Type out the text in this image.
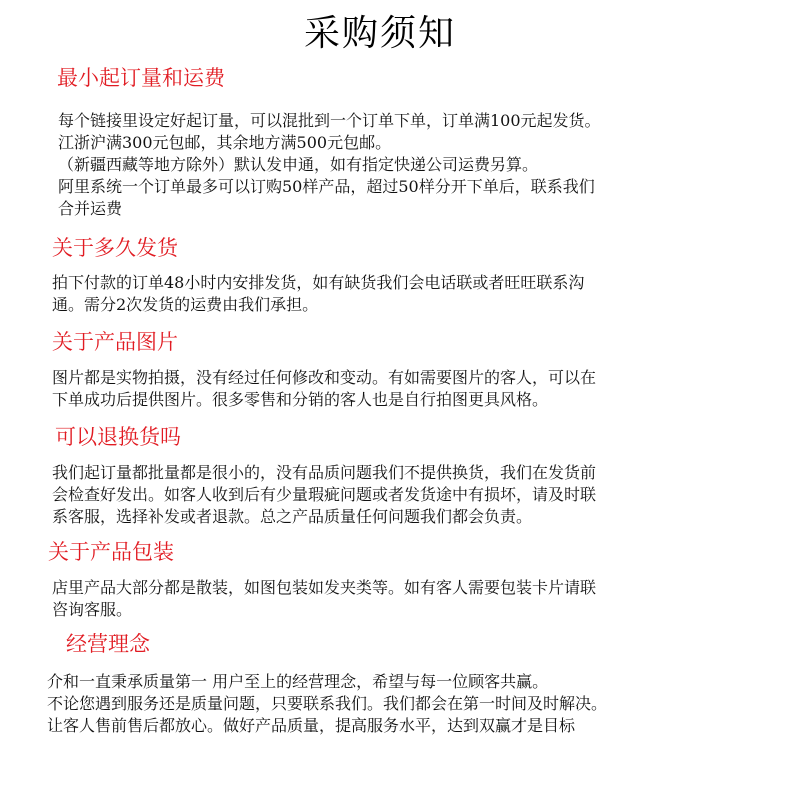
采购须知
最小起订量和运费
每个链接里设定好起订量，可以混批到一个订单下单，订单满100元起发货。
江浙沪满300元包邮，其余地方满500元包邮。
（新疆西藏等地方除外）默认发申通，如有指定快递公司运费另算。
阿里系统一个订单最多可以订购50样产品，超过50样分开下单后，联系我们
合并运费
关于多久发货
拍下付款的订单48小时内安排发货，如有缺货我们会电话联或者旺旺联系沟
通。需分2次发货的运费由我们承担。
关于产品图片
图片都是实物拍摄，没有经过任何修改和变动。有如需要图片的客人，可以在
下单成功后提供图片。很多零售和分销的客人也是自行拍图更具风格。
可以退换货吗
我们起订量都批量都是很小的，没有品质问题我们不提供换货，我们在发货前
会检查好发出。如客人收到后有少量瑕疵问题或者发货途中有损坏，请及时联
系客服，选择补发或者退款。总之产品质量任何问题我们都会负责。
关于产品包装
店里产品大部分都是散装，如图包装如发夹类等。如有客人需要包装卡片请联
咨询客服。
经营理念
介和一直秉承质量第一 用户至上的经营理念，希望与每一位顾客共赢。
不论您遇到服务还是质量问题，只要联系我们。我们都会在第一时间及时解决。
让客人售前售后都放心。做好产品质量，提高服务水平，达到双赢才是目标
